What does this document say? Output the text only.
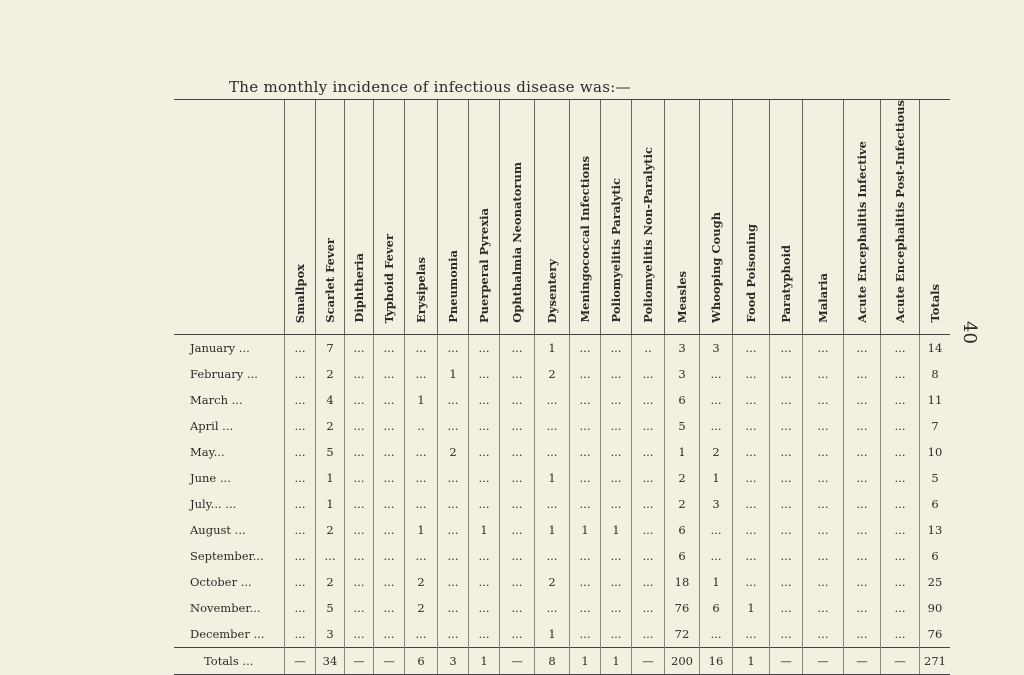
40
The monthly incidence of infectious disease was:—
	Smallpox	Scarlet Fever	Diphtheria	Typhoid Fever	Erysipelas	Pneumonia	Puerperal Pyrexia	Ophthalmia Neonatorum	Dysentery	Meningococcal Infections	Poliomyelitis Paralytic	Poliomyelitis Non-Paralytic	Measles	Whooping Cough	Food Poisoning	Paratyphoid	Malaria	Acute Encephalitis Infective	Acute Encephalitis Post-Infectious	Totals
January ...	...	7	...	...	...	...	...	...	1	...	...	..	3	3	...	...	...	...	...	14
February ...	...	2	...	...	...	1	...	...	2	...	...	...	3	...	...	...	...	...	...	8
March ...	...	4	...	...	1	...	...	...	...	...	...	...	6	...	...	...	...	...	...	11
April ...	...	2	...	...	..	...	...	...	...	...	...	...	5	...	...	...	...	...	...	7
May...	...	5	...	...	...	2	...	...	...	...	...	...	1	2	...	...	...	...	...	10
June ...	...	1	...	...	...	...	...	...	1	...	...	...	2	1	...	...	...	...	...	5
July... ...	...	1	...	...	...	...	...	...	...	...	...	...	2	3	...	...	...	...	...	6
August ...	...	2	...	...	1	...	1	...	1	1	1	...	6	...	...	...	...	...	...	13
September...	...	...	...	...	...	...	...	...	...	...	...	...	6	...	...	...	...	...	...	6
October ...	...	2	...	...	2	...	...	...	2	...	...	...	18	1	...	...	...	...	...	25
November...	...	5	...	...	2	...	...	...	...	...	...	...	76	6	1	...	...	...	...	90
December ...	...	3	...	...	...	...	...	...	1	...	...	...	72	...	...	...	...	...	...	76
Totals ...	—	34	—	—	6	3	1	—	8	1	1	—	200	16	1	—	—	—	—	271
